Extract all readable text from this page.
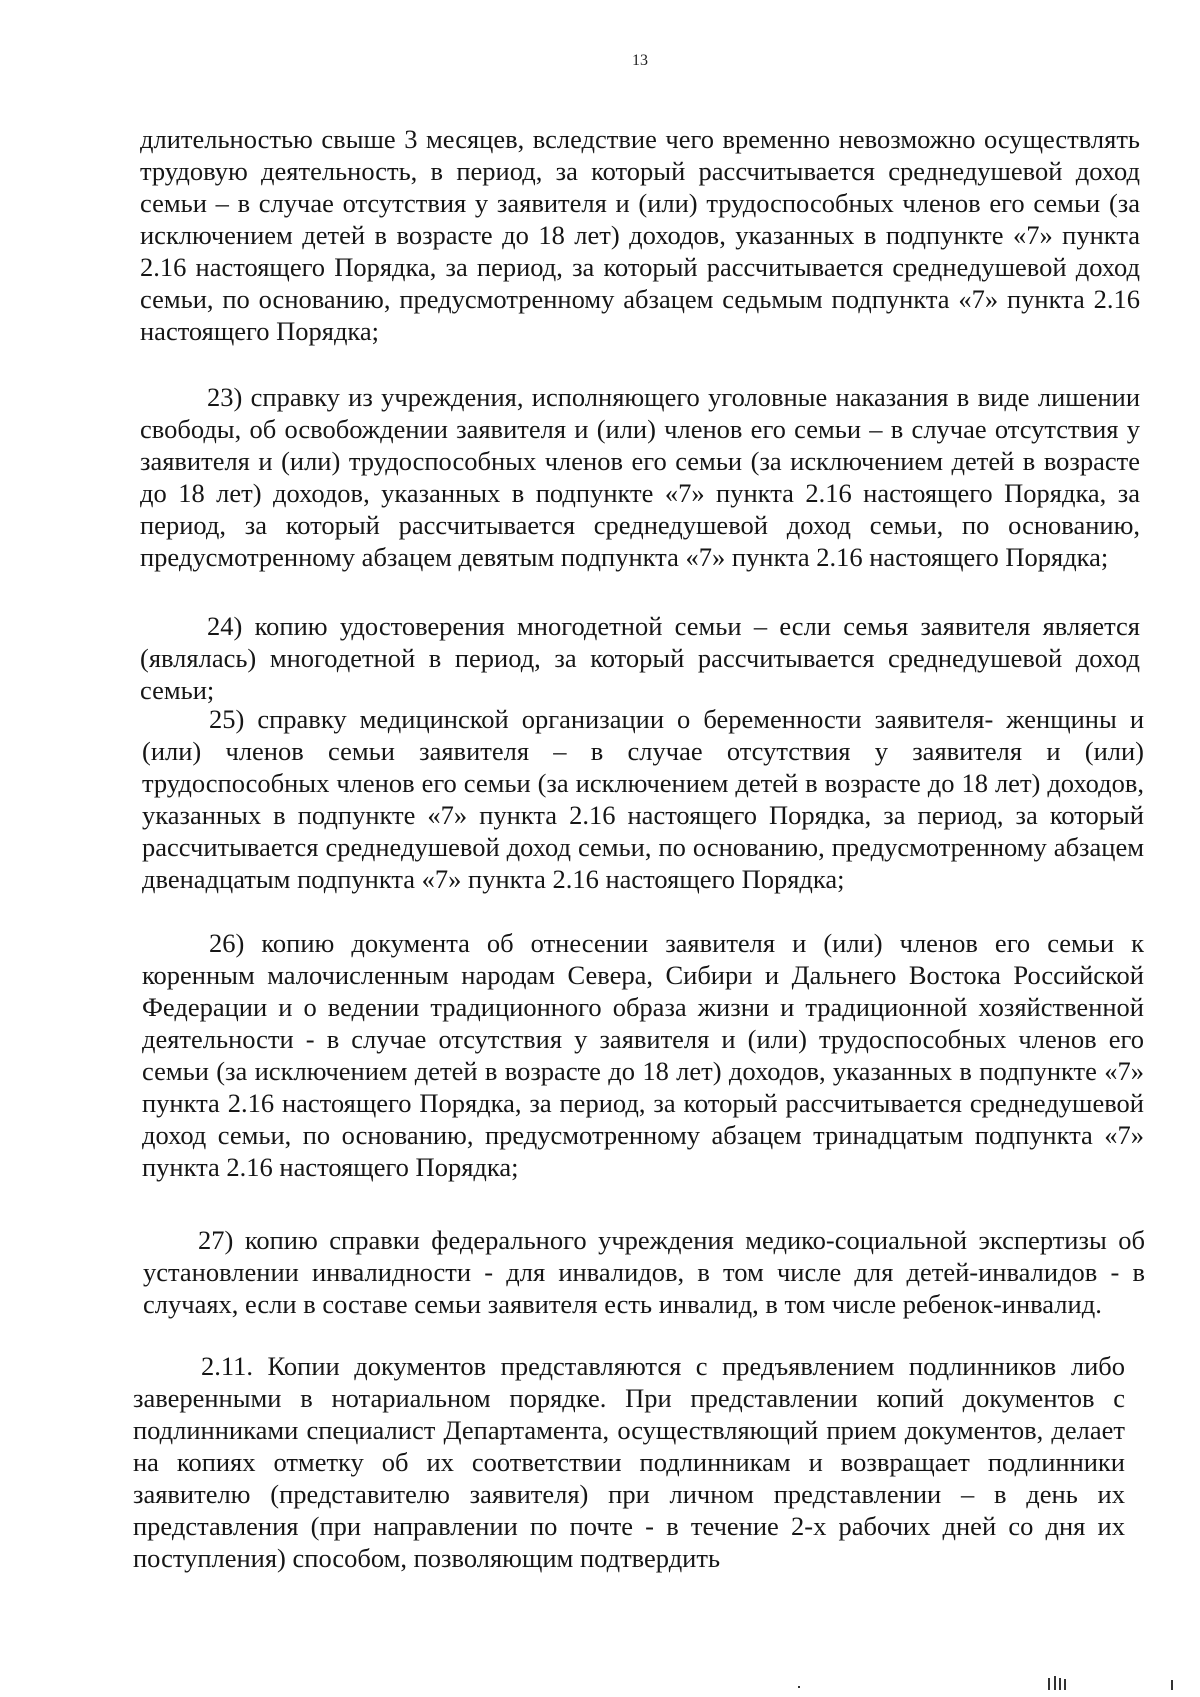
13

длительностью свыше 3 месяцев, вследствие чего временно невозможно осуществлять трудовую деятельность, в период, за который рассчитывается среднедушевой доход семьи – в случае отсутствия у заявителя и (или) трудоспособных членов его семьи (за исключением детей в возрасте до 18 лет) доходов, указанных в подпункте «7» пункта 2.16 настоящего Порядка, за период, за который рассчитывается среднедушевой доход семьи, по основанию, предусмотренному абзацем седьмым подпункта «7» пункта 2.16 настоящего Порядка;

23) справку из учреждения, исполняющего уголовные наказания в виде лишении свободы, об освобождении заявителя и (или) членов его семьи – в случае отсутствия у заявителя и (или) трудоспособных членов его семьи (за исключением детей в возрасте до 18 лет) доходов, указанных в подпункте «7» пункта 2.16 настоящего Порядка, за период, за который рассчитывается среднедушевой доход семьи, по основанию, предусмотренному абзацем девятым подпункта «7» пункта 2.16 настоящего Порядка;

24) копию удостоверения многодетной семьи – если семья заявителя является (являлась) многодетной в период, за который рассчитывается среднедушевой доход семьи;

25) справку медицинской организации о беременности заявителя- женщины и (или) членов семьи заявителя – в случае отсутствия у заявителя и (или) трудоспособных членов его семьи (за исключением детей в возрасте до 18 лет) доходов, указанных в подпункте «7» пункта 2.16 настоящего Порядка, за период, за который рассчитывается среднедушевой доход семьи, по основанию, предусмотренному абзацем двенадцатым подпункта «7» пункта 2.16 настоящего Порядка;

26) копию документа об отнесении заявителя и (или) членов его семьи к коренным малочисленным народам Севера, Сибири и Дальнего Востока Российской Федерации и о ведении традиционного образа жизни и традиционной хозяйственной деятельности - в случае отсутствия у заявителя и (или) трудоспособных членов его семьи (за исключением детей в возрасте до 18 лет) доходов, указанных в подпункте «7» пункта 2.16 настоящего Порядка, за период, за который рассчитывается среднедушевой доход семьи, по основанию, предусмотренному абзацем тринадцатым подпункта «7» пункта 2.16 настоящего Порядка;

27) копию справки федерального учреждения медико-социальной экспертизы об установлении инвалидности - для инвалидов, в том числе для детей-инвалидов - в случаях, если в составе семьи заявителя есть инвалид, в том числе ребенок-инвалид.

2.11. Копии документов представляются с предъявлением подлинников либо заверенными в нотариальном порядке. При представлении копий документов с подлинниками специалист Департамента, осуществляющий прием документов, делает на копиях отметку об их соответствии подлинникам и возвращает подлинники заявителю (представителю заявителя) при личном представлении – в день их представления (при направлении по почте - в течение 2-х рабочих дней со дня их поступления) способом, позволяющим подтвердить
